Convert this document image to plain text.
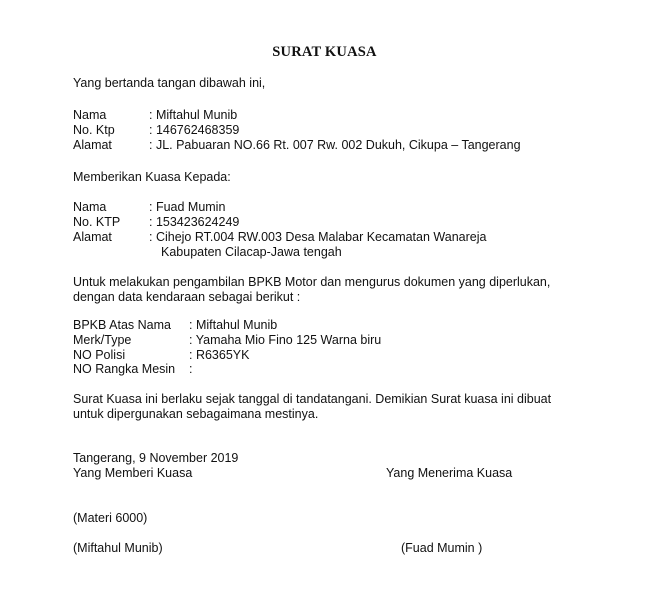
SURAT KUASA
Yang bertanda tangan dibawah ini,
Nama	: Miftahul Munib
No. Ktp	: 146762468359
Alamat	: JL. Pabuaran NO.66 Rt. 007 Rw. 002 Dukuh, Cikupa – Tangerang
Memberikan Kuasa Kepada:
Nama	: Fuad Mumin
No. KTP : 153423624249
Alamat	: Cihejo RT.004 RW.003 Desa Malabar Kecamatan Wanareja
Kabupaten Cilacap-Jawa tengah
Untuk melakukan pengambilan BPKB Motor dan mengurus dokumen yang diperlukan,
dengan data kendaraan sebagai berikut :
BPKB Atas Nama : Miftahul Munib
Merk/Type	: Yamaha Mio Fino 125 Warna biru
NO Polisi	: R6365YK
NO Rangka Mesin :
Surat Kuasa ini berlaku sejak tanggal di tandatangani. Demikian Surat kuasa ini dibuat
untuk dipergunakan sebagaimana mestinya.
Tangerang, 9 November 2019
Yang Memberi Kuasa	Yang Menerima Kuasa
(Materi 6000)
(Miftahul Munib)	(Fuad Mumin )
